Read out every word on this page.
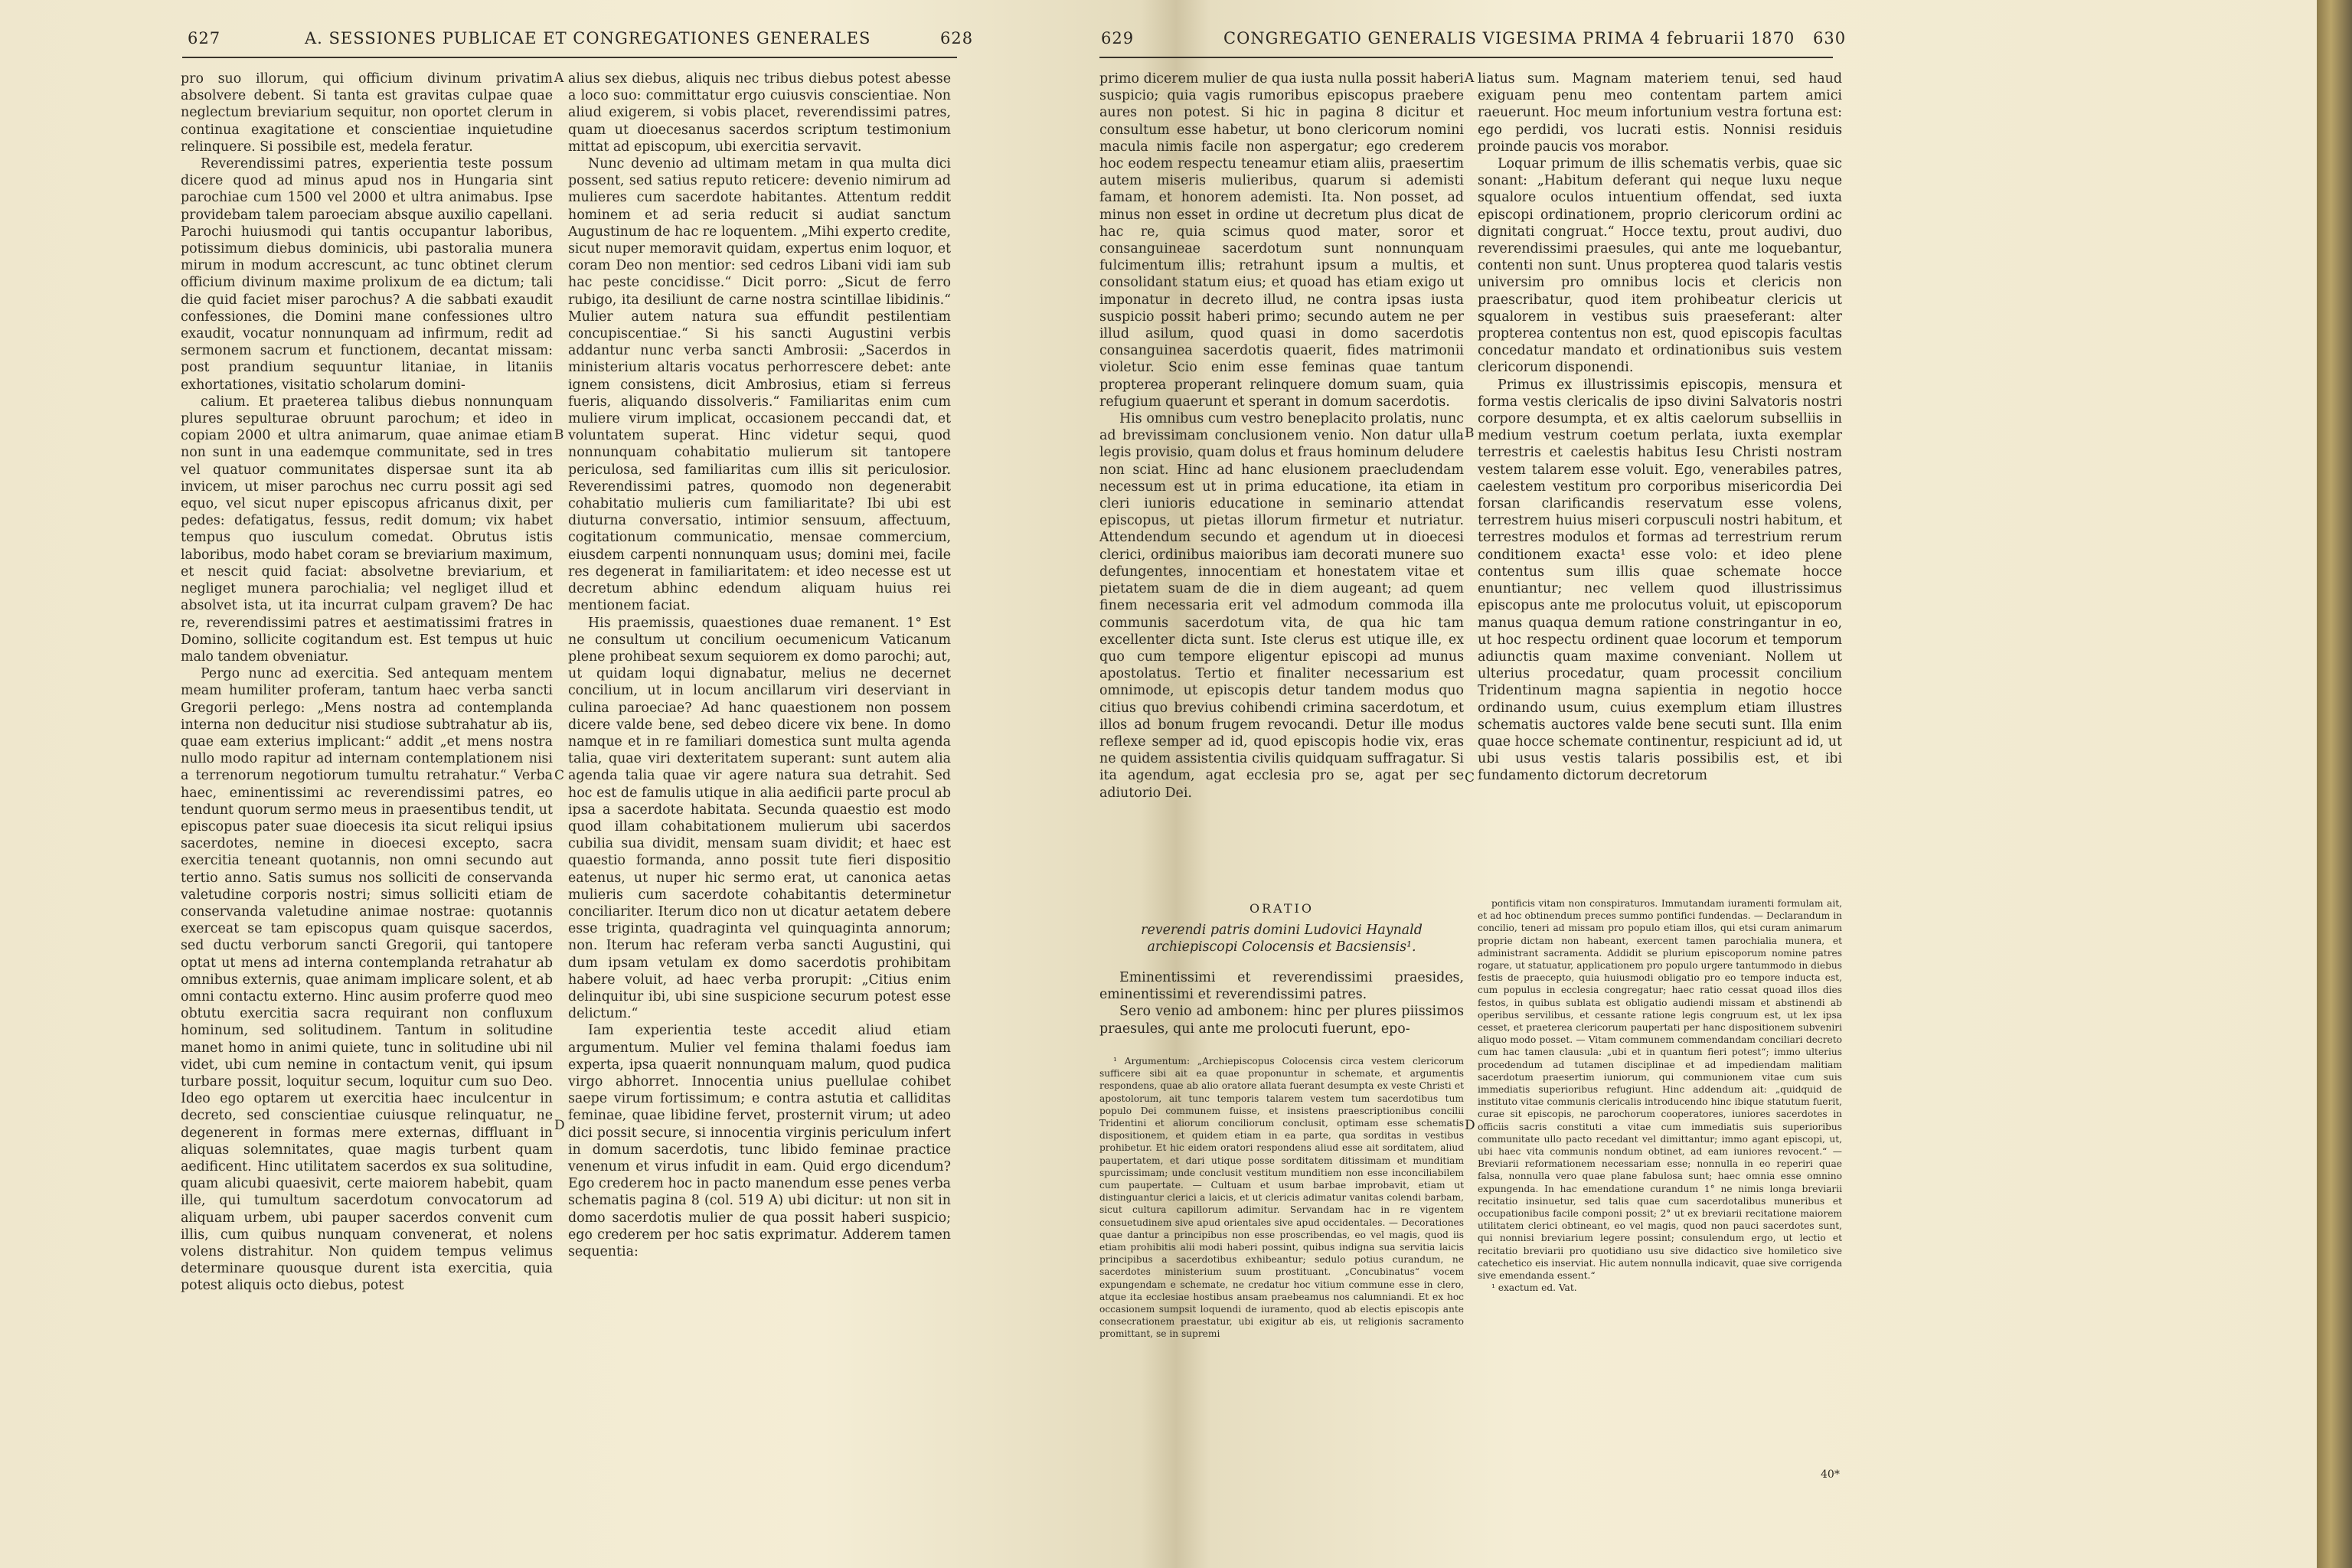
627	A. SESSIONES PUBLICAE ET CONGREGATIONES GENERALES	628

pro suo illorum, qui officium divinum privatim absolvere debent. Si tanta est gravitas culpae quae neglectum breviarium sequitur, non oportet clerum in continua exagitatione et conscientiae inquietudine relinquere. Si possibile est, medela feratur.

Reverendissimi patres, experientia teste possum dicere quod ad minus apud nos in Hungaria sint parochiae cum 1500 vel 2000 et ultra animabus. Ipse providebam talem paroeciam absque auxilio capellani. Parochi huiusmodi qui tantis occupantur laboribus, potissimum diebus dominicis, ubi pastoralia munera mirum in modum accrescunt, ac tunc obtinet clerum officium divinum maxime prolixum de ea dictum; tali die quid faciet miser parochus? A die sabbati exaudit confessiones, die Domini mane confessiones ultro exaudit, vocatur nonnunquam ad infirmum, redit ad sermonem sacrum et functionem, decantat missam: post prandium sequuntur litaniae, in litaniis exhortationes, visitatio scholarum domini-

calium. Et praeterea talibus diebus nonnunquam plures sepulturae obruunt parochum; et ideo in copiam 2000 et ultra animarum, quae animae etiam non sunt in una eademque communitate, sed in tres vel quatuor communitates dispersae sunt ita ab invicem, ut miser parochus nec curru possit agi sed equo, vel sicut nuper episcopus africanus dixit, per pedes: defatigatus, fessus, redit domum; vix habet tempus quo iusculum comedat. Obrutus istis laboribus, modo habet coram se breviarium maximum, et nescit quid faciat: absolvetne breviarium, et negliget munera parochialia; vel negliget illud et absolvet ista, ut ita incurrat culpam gravem? De hac re, reverendissimi patres et aestimatissimi fratres in Domino, sollicite cogitandum est. Est tempus ut huic malo tandem obveniatur.

Pergo nunc ad exercitia. Sed antequam mentem meam humiliter proferam, tantum haec verba sancti Gregorii perlego: „Mens nostra ad contemplanda interna non deducitur nisi studiose subtrahatur ab iis, quae eam exterius implicant:“ addit „et mens nostra nullo modo rapitur ad internam contemplationem nisi a terrenorum negotiorum tumultu retrahatur.“ Verba haec, eminentissimi ac reverendissimi patres, eo tendunt quorum sermo meus in praesentibus tendit, ut episcopus pater suae dioecesis ita sicut reliqui ipsius sacerdotes, nemine in dioecesi excepto, sacra exercitia teneant quotannis, non omni secundo aut tertio anno. Satis sumus nos solliciti de conservanda valetudine corporis nostri; simus solliciti etiam de conservanda valetudine animae nostrae: quotannis exerceat se tam episcopus quam quisque sacerdos, sed ductu verborum sancti Gregorii, qui tantopere optat ut mens ad interna contemplanda retrahatur ab omnibus externis, quae animam implicare solent, et ab omni contactu externo. Hinc ausim proferre quod meo obtutu exercitia sacra requirant non confluxum hominum, sed solitudinem. Tantum in solitudine manet homo in animi quiete, tunc in solitudine ubi nil videt, ubi cum nemine in contactum venit, qui ipsum turbare possit, loquitur secum, loquitur cum suo Deo. Ideo ego optarem ut exercitia haec inculcentur in decreto, sed conscientiae cuiusque relinquatur, ne degenerent in formas mere externas, diffluant in aliquas solemnitates, quae magis turbent quam aedificent. Hinc utilitatem sacerdos ex sua solitudine, quam alicubi quaesivit, certe maiorem habebit, quam ille, qui tumultum sacerdotum convocatorum ad aliquam urbem, ubi pauper sacerdos convenit cum illis, cum quibus nunquam convenerat, et nolens volens distrahitur. Non quidem tempus velimus determinare quousque durent ista exercitia, quia potest aliquis octo diebus, potest

alius sex diebus, aliquis nec tribus diebus potest abesse a loco suo: committatur ergo cuiusvis conscientiae. Non aliud exigerem, si vobis placet, reverendissimi patres, quam ut dioecesanus sacerdos scriptum testimonium mittat ad episcopum, ubi exercitia servavit.

Nunc devenio ad ultimam metam in qua multa dici possent, sed satius reputo reticere: devenio nimirum ad mulieres cum sacerdote habitantes. Attentum reddit hominem et ad seria reducit si audiat sanctum Augustinum de hac re loquentem. „Mihi experto credite, sicut nuper memoravit quidam, expertus enim loquor, et coram Deo non mentior: sed cedros Libani vidi iam sub hac peste concidisse.“ Dicit porro: „Sicut de ferro rubigo, ita desiliunt de carne nostra scintillae libidinis.“ Mulier autem natura sua effundit pestilentiam concupiscentiae.“ Si his sancti Augustini verbis addantur nunc verba sancti Ambrosii: „Sacerdos in ministerium altaris vocatus perhorrescere debet: ante ignem consistens, dicit Ambrosius, etiam si ferreus fueris, aliquando dissolveris.“ Familiaritas enim cum muliere virum implicat, occasionem peccandi dat, et voluntatem superat. Hinc videtur sequi, quod nonnunquam cohabitatio mulierum sit tantopere periculosa, sed familiaritas cum illis sit periculosior. Reverendissimi patres, quomodo non degenerabit cohabitatio mulieris cum familiaritate? Ibi ubi est diuturna conversatio, intimior sensuum, affectuum, cogitationum communicatio, mensae commercium, eiusdem carpenti nonnunquam usus; domini mei, facile res degenerat in familiaritatem: et ideo necesse est ut decretum abhinc edendum aliquam huius rei mentionem faciat.

His praemissis, quaestiones duae remanent. 1° Est ne consultum ut concilium oecumenicum Vaticanum plene prohibeat sexum sequiorem ex domo parochi; aut, ut quidam loqui dignabatur, melius ne decernet concilium, ut in locum ancillarum viri deserviant in culina paroeciae? Ad hanc quaestionem non possem dicere valde bene, sed debeo dicere vix bene. In domo namque et in re familiari domestica sunt multa agenda talia, quae viri dexteritatem superant: sunt autem alia agenda talia quae vir agere natura sua detrahit. Sed hoc est de famulis utique in alia aedificii parte procul ab ipsa a sacerdote habitata. Secunda quaestio est modo quod illam cohabitationem mulierum ubi sacerdos cubilia sua dividit, mensam suam dividit; et haec est quaestio formanda, anno possit tute fieri dispositio eatenus, ut nuper hic sermo erat, ut canonica aetas mulieris cum sacerdote cohabitantis determinetur conciliariter. Iterum dico non ut dicatur aetatem debere esse triginta, quadraginta vel quinquaginta annorum; non. Iterum hac referam verba sancti Augustini, qui dum ipsam vetulam ex domo sacerdotis prohibitam habere voluit, ad haec verba prorupit: „Citius enim delinquitur ibi, ubi sine suspicione securum potest esse delictum.“

Iam experientia teste accedit aliud etiam argumentum. Mulier vel femina thalami foedus iam experta, ipsa quaerit nonnunquam malum, quod pudica virgo abhorret. Innocentia unius puellulae cohibet saepe virum fortissimum; e contra astutia et calliditas feminae, quae libidine fervet, prosternit virum; ut adeo dici possit secure, si innocentia virginis periculum infert in domum sacerdotis, tunc libido feminae practice venenum et virus infudit in eam. Quid ergo dicendum? Ego crederem hoc in pacto manendum esse penes verba schematis pagina 8 (col. 519 A) ubi dicitur: ut non sit in domo sacerdotis mulier de qua possit haberi suspicio; ego crederem per hoc satis exprimatur. Adderem tamen sequentia:

A
B
C
D
629	CONGREGATIO GENERALIS VIGESIMA PRIMA 4 februarii 1870 630

primo dicerem mulier de qua iusta nulla possit haberi suspicio; quia vagis rumoribus episcopus praebere aures non potest. Si hic in pagina 8 dicitur et consultum esse habetur, ut bono clericorum nomini macula nimis facile non aspergatur; ego crederem hoc eodem respectu teneamur etiam aliis, praesertim autem miseris mulieribus, quarum si ademisti famam, et honorem ademisti. Ita. Non posset, ad minus non esset in ordine ut decretum plus dicat de hac re, quia scimus quod mater, soror et consanguineae sacerdotum sunt nonnunquam fulcimentum illis; retrahunt ipsum a multis, et consolidant statum eius; et quoad has etiam exigo ut imponatur in decreto illud, ne contra ipsas iusta suspicio possit haberi primo; secundo autem ne per illud asilum, quod quasi in domo sacerdotis consanguinea sacerdotis quaerit, fides matrimonii violetur. Scio enim esse feminas quae tantum propterea properant relinquere domum suam, quia refugium quaerunt et sperant in domum sacerdotis.

His omnibus cum vestro beneplacito prolatis, nunc ad brevissimam conclusionem venio. Non datur ulla legis provisio, quam dolus et fraus hominum deludere non sciat. Hinc ad hanc elusionem praecludendam necessum est ut in prima educatione, ita etiam in cleri iunioris educatione in seminario attendat episcopus, ut pietas illorum firmetur et nutriatur. Attendendum secundo et agendum ut in dioecesi clerici, ordinibus maioribus iam decorati munere suo defungentes, innocentiam et honestatem vitae et pietatem suam de die in diem augeant; ad quem finem necessaria erit vel admodum commoda illa communis sacerdotum vita, de qua hic tam excellenter dicta sunt. Iste clerus est utique ille, ex quo cum tempore eligentur episcopi ad munus apostolatus. Tertio et finaliter necessarium est omnimode, ut episcopis detur tandem modus quo citius quo brevius cohibendi crimina sacerdotum, et illos ad bonum frugem revocandi. Detur ille modus reflexe semper ad id, quod episcopis hodie vix, eras ne quidem assistentia civilis quidquam suffragatur. Si ita agendum, agat ecclesia pro se, agat per se adiutorio Dei.

ORATIO
reverendi patris domini Ludovici Haynald
archiepiscopi Colocensis et Bacsiensis¹.

Eminentissimi et reverendissimi praesides, eminentissimi et reverendissimi patres.

Sero venio ad ambonem: hinc per plures piissimos praesules, qui ante me prolocuti fuerunt, epo-

¹ Argumentum: „Archiepiscopus Colocensis circa vestem clericorum sufficere sibi ait ea quae proponuntur in schemate, et argumentis respondens, quae ab alio oratore allata fuerant desumpta ex veste Christi et apostolorum, ait tunc temporis talarem vestem tum sacerdotibus tum populo Dei communem fuisse, et insistens praescriptionibus concilii Tridentini et aliorum conciliorum conclusit, optimam esse schematis dispositionem, et quidem etiam in ea parte, qua sorditas in vestibus prohibetur. Et hic eidem oratori respondens aliud esse ait sorditatem, aliud paupertatem, et dari utique posse sorditatem ditissimam et munditiam spurcissimam; unde conclusit vestitum munditiem non esse inconciliabilem cum paupertate. — Cultuam et usum barbae improbavit, etiam ut distinguantur clerici a laicis, et ut clericis adimatur vanitas colendi barbam, sicut cultura capillorum adimitur. Servandam hac in re vigentem consuetudinem sive apud orientales sive apud occidentales. — Decorationes quae dantur a principibus non esse proscribendas, eo vel magis, quod iis etiam prohibitis alii modi haberi possint, quibus indigna sua servitia laicis principibus a sacerdotibus exhibeantur; sedulo potius curandum, ne sacerdotes ministerium suum prostituant. „Concubinatus“ vocem expungendam e schemate, ne credatur hoc vitium commune esse in clero, atque ita ecclesiae hostibus ansam praebeamus nos calumniandi. Et ex hoc occasionem sumpsit loquendi de iuramento, quod ab electis episcopis ante consecrationem praestatur, ubi exigitur ab eis, ut religionis sacramento promittant, se in supremi

liatus sum. Magnam materiem tenui, sed haud exiguam penu meo contentam partem amici raeuerunt. Hoc meum infortunium vestra fortuna est: ego perdidi, vos lucrati estis. Nonnisi residuis proinde paucis vos morabor.

Loquar primum de illis schematis verbis, quae sic sonant: „Habitum deferant qui neque luxu neque squalore oculos intuentium offendat, sed iuxta episcopi ordinationem, proprio clericorum ordini ac dignitati congruat.“ Hocce textu, prout audivi, duo reverendissimi praesules, qui ante me loquebantur, contenti non sunt. Unus propterea quod talaris vestis universim pro omnibus locis et clericis non praescribatur, quod item prohibeatur clericis ut squalorem in vestibus suis praeseferant: alter propterea contentus non est, quod episcopis facultas concedatur mandato et ordinationibus suis vestem clericorum disponendi.

Primus ex illustrissimis episcopis, mensura et forma vestis clericalis de ipso divini Salvatoris nostri corpore desumpta, et ex altis caelorum subselliis in medium vestrum coetum perlata, iuxta exemplar terrestris et caelestis habitus Iesu Christi nostram vestem talarem esse voluit. Ego, venerabiles patres, caelestem vestitum pro corporibus misericordia Dei forsan clarificandis reservatum esse volens, terrestrem huius miseri corpusculi nostri habitum, et terrestres modulos et formas ad terrestrium rerum conditionem exacta¹ esse volo: et ideo plene contentus sum illis quae schemate hocce enuntiantur; nec vellem quod illustrissimus episcopus ante me prolocutus voluit, ut episcoporum manus quaqua demum ratione constringantur in eo, ut hoc respectu ordinent quae locorum et temporum adiunctis quam maxime conveniant. Nollem ut ulterius procedatur, quam processit concilium Tridentinum magna sapientia in negotio hocce ordinando usum, cuius exemplum etiam illustres schematis auctores valde bene secuti sunt. Illa enim quae hocce schemate continentur, respiciunt ad id, ut ubi usus vestis talaris possibilis est, et ibi fundamento dictorum decretorum

pontificis vitam non conspiraturos. Immutandam iuramenti formulam ait, et ad hoc obtinendum preces summo pontifici fundendas. — Declarandum in concilio, teneri ad missam pro populo etiam illos, qui etsi curam animarum proprie dictam non habeant, exercent tamen parochialia munera, et administrant sacramenta. Addidit se plurium episcoporum nomine patres rogare, ut statuatur, applicationem pro populo urgere tantummodo in diebus festis de praecepto, quia huiusmodi obligatio pro eo tempore inducta est, cum populus in ecclesia congregatur; haec ratio cessat quoad illos dies festos, in quibus sublata est obligatio audiendi missam et abstinendi ab operibus servilibus, et cessante ratione legis congruum est, ut lex ipsa cesset, et praeterea clericorum paupertati per hanc dispositionem subveniri aliquo modo posset. — Vitam communem commendandam conciliari decreto cum hac tamen clausula: „ubi et in quantum fieri potest“; immo ulterius procedendum ad tutamen disciplinae et ad impediendam malitiam sacerdotum praesertim iuniorum, qui communionem vitae cum suis immediatis superioribus refugiunt. Hinc addendum ait: „quidquid de instituto vitae communis clericalis introducendo hinc ibique statutum fuerit, curae sit episcopis, ne parochorum cooperatores, iuniores sacerdotes in officiis sacris constituti a vitae cum immediatis suis superioribus communitate ullo pacto recedant vel dimittantur; immo agant episcopi, ut, ubi haec vita communis nondum obtinet, ad eam iuniores revocent.“ — Breviarii reformationem necessariam esse; nonnulla in eo reperiri quae falsa, nonnulla vero quae plane fabulosa sunt; haec omnia esse omnino expungenda. In hac emendatione curandum 1° ne nimis longa breviarii recitatio insinuetur, sed talis quae cum sacerdotalibus muneribus et occupationibus facile componi possit; 2° ut ex breviarii recitatione maiorem utilitatem clerici obtineant, eo vel magis, quod non pauci sacerdotes sunt, qui nonnisi breviarium legere possint; consulendum ergo, ut lectio et recitatio breviarii pro quotidiano usu sive didactico sive homiletico sive catechetico eis inserviat. Hic autem nonnulla indicavit, quae sive corrigenda sive emendanda essent.“

¹ exactum ed. Vat.

A
B
C
D
40*
